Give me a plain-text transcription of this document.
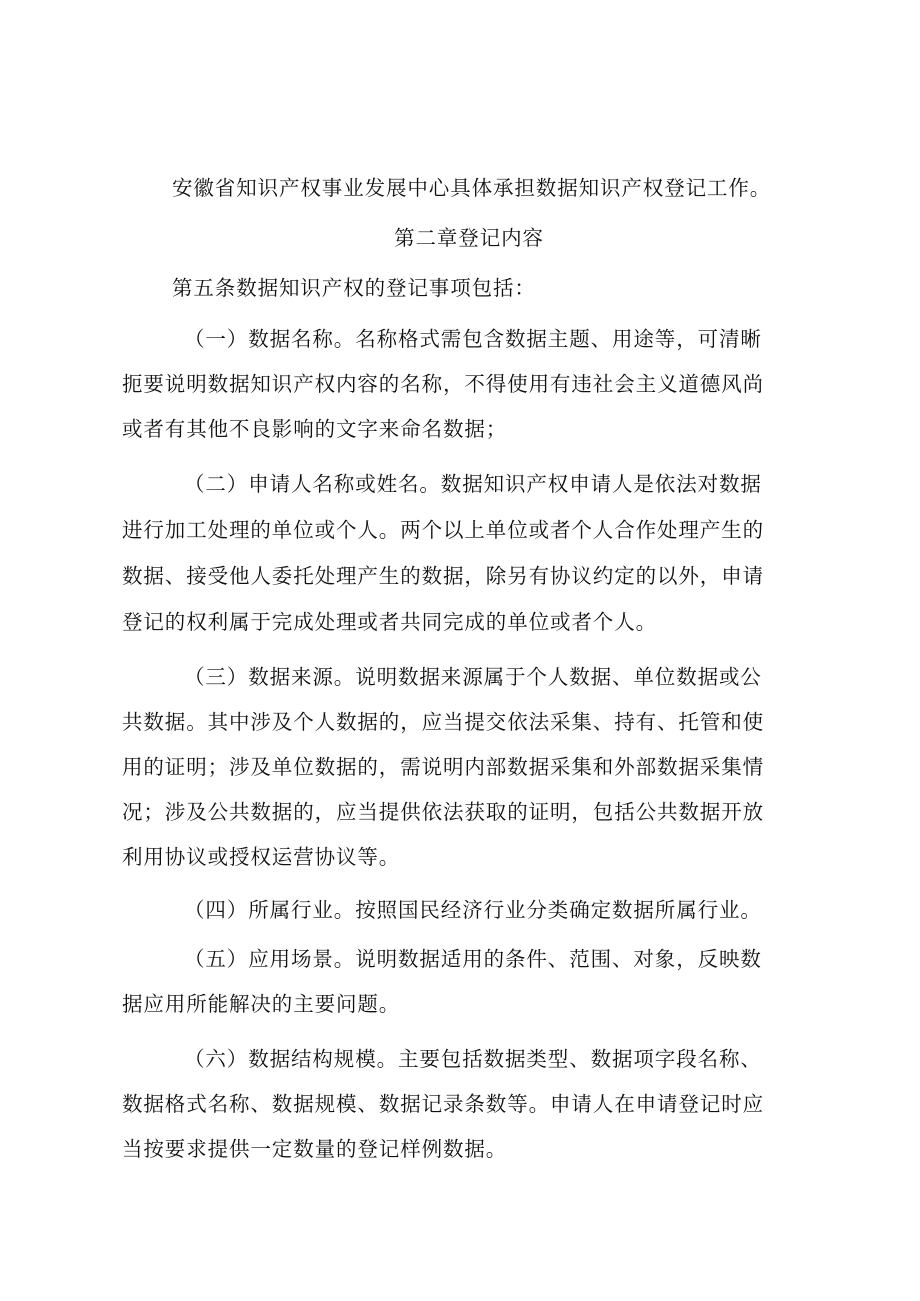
安徽省知识产权事业发展中心具体承担数据知识产权登记工作。

第二章登记内容

第五条数据知识产权的登记事项包括：

（一）数据名称。名称格式需包含数据主题、用途等，可清晰

扼要说明数据知识产权内容的名称，不得使用有违社会主义道德风尚

或者有其他不良影响的文字来命名数据；

（二）申请人名称或姓名。数据知识产权申请人是依法对数据

进行加工处理的单位或个人。两个以上单位或者个人合作处理产生的

数据、接受他人委托处理产生的数据，除另有协议约定的以外，申请

登记的权利属于完成处理或者共同完成的单位或者个人。

（三）数据来源。说明数据来源属于个人数据、单位数据或公

共数据。其中涉及个人数据的，应当提交依法采集、持有、托管和使

用的证明；涉及单位数据的，需说明内部数据采集和外部数据采集情

况；涉及公共数据的，应当提供依法获取的证明，包括公共数据开放

利用协议或授权运营协议等。

（四）所属行业。按照国民经济行业分类确定数据所属行业。

（五）应用场景。说明数据适用的条件、范围、对象，反映数

据应用所能解决的主要问题。

（六）数据结构规模。主要包括数据类型、数据项字段名称、

数据格式名称、数据规模、数据记录条数等。申请人在申请登记时应

当按要求提供一定数量的登记样例数据。
